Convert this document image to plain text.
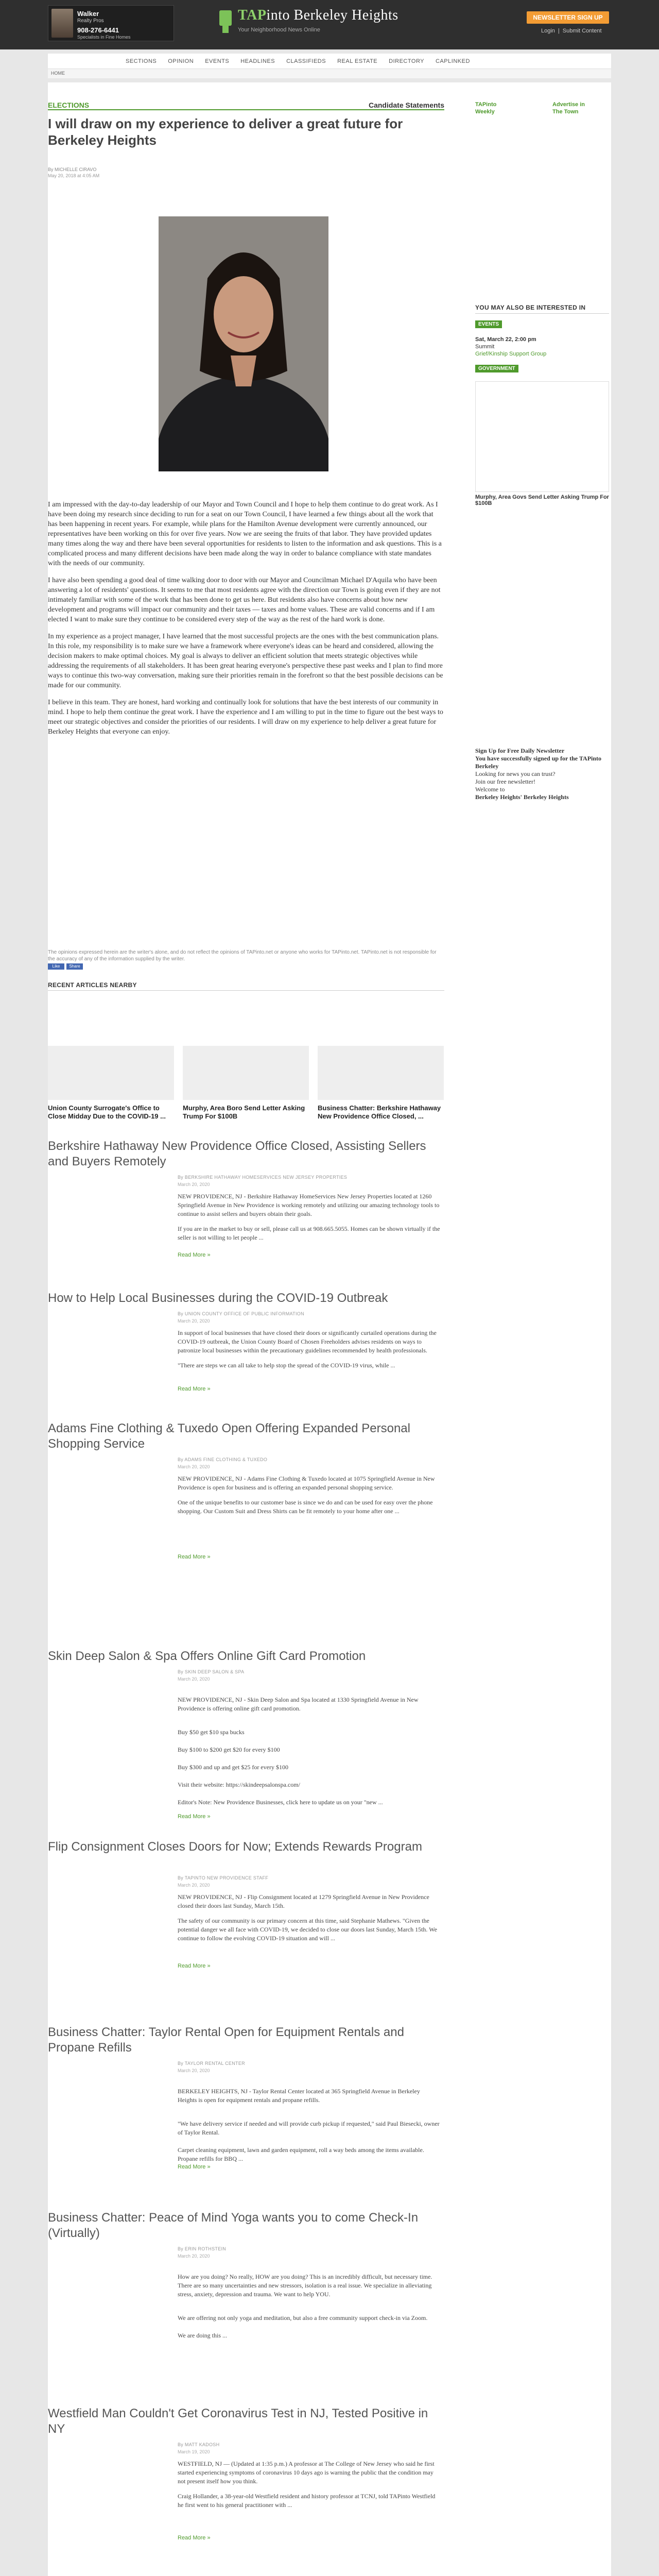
Walker
Realty Pros
908-276-6441
Specialists in Fine Homes
TAPinto Berkeley Heights
Your Neighborhood News Online
NEWSLETTER SIGN UP
Login | Submit Content
SECTIONS	OPINION	EVENTS	HEADLINES	CLASSIFIEDS	REAL ESTATE	DIRECTORY	CAPLINKED
HOME
ELECTIONS	Candidate Statements
I will draw on my experience to deliver a great future for Berkeley Heights
By MICHELLE CIRAVO
May 20, 2018 at 4:05 AM

I am impressed with the day-to-day leadership of our Mayor and Town Council and I hope to help them continue to do great work. As I have been doing my research since deciding to run for a seat on our Town Council, I have learned a few things about all the work that has been happening in recent years. For example, while plans for the Hamilton Avenue development were currently announced, our representatives have been working on this for over five years. Now we are seeing the fruits of that labor. They have provided updates many times along the way and there have been several opportunities for residents to listen to the information and ask questions. This is a complicated process and many different decisions have been made along the way in order to balance compliance with state mandates with the needs of our community.

I have also been spending a good deal of time walking door to door with our Mayor and Councilman Michael D'Aquila who have been answering a lot of residents' questions. It seems to me that most residents agree with the direction our Town is going even if they are not intimately familiar with some of the work that has been done to get us here. But residents also have concerns about how new development and programs will impact our community and their taxes — taxes and home values. These are valid concerns and if I am elected I want to make sure they continue to be considered every step of the way as the rest of the hard work is done.

In my experience as a project manager, I have learned that the most successful projects are the ones with the best communication plans. In this role, my responsibility is to make sure we have a framework where everyone's ideas can be heard and considered, allowing the decision makers to make optimal choices. My goal is always to deliver an efficient solution that meets strategic objectives while addressing the requirements of all stakeholders. It has been great hearing everyone's perspective these past weeks and I plan to find more ways to continue this two-way conversation, making sure their priorities remain in the forefront so that the best possible decisions can be made for our community.

I believe in this team. They are honest, hard working and continually look for solutions that have the best interests of our community in mind. I hope to help them continue the great work. I have the experience and I am willing to put in the time to figure out the best ways to meet our strategic objectives and consider the priorities of our residents. I will draw on my experience to help deliver a great future for Berkeley Heights that everyone can enjoy.

The opinions expressed herein are the writer's alone, and do not reflect the opinions of TAPinto.net or anyone who works for TAPinto.net. TAPinto.net is not responsible for the accuracy of any of the information supplied by the writer.
Like	Share
RECENT ARTICLES NEARBY
Union County Surrogate's Office to Close Midday Due to the COVID-19 ...
Murphy, Area Boro Send Letter Asking Trump For $100B
Business Chatter: Berkshire Hathaway New Providence Office Closed, ...
Berkshire Hathaway New Providence Office Closed, Assisting Sellers and Buyers Remotely
By BERKSHIRE HATHAWAY HOMESERVICES NEW JERSEY PROPERTIES
March 20, 2020

NEW PROVIDENCE, NJ - Berkshire Hathaway HomeServices New Jersey Properties located at 1260 Springfield Avenue in New Providence is working remotely and utilizing our amazing technology tools to continue to assist sellers and buyers obtain their goals.

If you are in the market to buy or sell, please call us at 908.665.5055. Homes can be shown virtually if the seller is not willing to let people ...

Read More »
How to Help Local Businesses during the COVID-19 Outbreak
By UNION COUNTY OFFICE OF PUBLIC INFORMATION
March 20, 2020

In support of local businesses that have closed their doors or significantly curtailed operations during the COVID-19 outbreak, the Union County Board of Chosen Freeholders advises residents on ways to patronize local businesses within the precautionary guidelines recommended by health professionals.

"There are steps we can all take to help stop the spread of the COVID-19 virus, while ...

Read More »
Adams Fine Clothing & Tuxedo Open Offering Expanded Personal Shopping Service
By ADAMS FINE CLOTHING & TUXEDO
March 20, 2020

NEW PROVIDENCE, NJ - Adams Fine Clothing & Tuxedo located at 1075 Springfield Avenue in New Providence is open for business and is offering an expanded personal shopping service.

One of the unique benefits to our customer base is since we do and can be used for easy over the phone shopping. Our Custom Suit and Dress Shirts can be fit remotely to your home after one ...

Read More »
Skin Deep Salon & Spa Offers Online Gift Card Promotion
By SKIN DEEP SALON & SPA
March 20, 2020

NEW PROVIDENCE, NJ - Skin Deep Salon and Spa located at 1330 Springfield Avenue in New Providence is offering online gift card promotion.

Buy $50 get $10 spa bucks

Buy $100 to $200 get $20 for every $100

Buy $300 and up and get $25 for every $100

Visit their website: https://skindeepsalonspa.com/

Editor's Note: New Providence Businesses, click here to update us on your "new ...

Read More »
Flip Consignment Closes Doors for Now; Extends Rewards Program
By TAPINTO NEW PROVIDENCE STAFF
March 20, 2020

NEW PROVIDENCE, NJ - Flip Consignment located at 1279 Springfield Avenue in New Providence closed their doors last Sunday, March 15th.

The safety of our community is our primary concern at this time, said Stephanie Mathews. "Given the potential danger we all face with COVID-19, we decided to close our doors last Sunday, March 15th. We continue to follow the evolving COVID-19 situation and will ...

Read More »
Business Chatter: Taylor Rental Open for Equipment Rentals and Propane Refills
By TAYLOR RENTAL CENTER
March 20, 2020

BERKELEY HEIGHTS, NJ - Taylor Rental Center located at 365 Springfield Avenue in Berkeley Heights is open for equipment rentals and propane refills.

"We have delivery service if needed and will provide curb pickup if requested," said Paul Biesecki, owner of Taylor Rental.

Carpet cleaning equipment, lawn and garden equipment, roll a way beds among the items available. Propane refills for BBQ ...

Read More »
Business Chatter: Peace of Mind Yoga wants you to come Check-In (Virtually)
By ERIN ROTHSTEIN
March 20, 2020

How are you doing? No really, HOW are you doing? This is an incredibly difficult, but necessary time. There are so many uncertainties and new stressors, isolation is a real issue. We specialize in alleviating stress, anxiety, depression and trauma. We want to help YOU.

We are offering not only yoga and meditation, but also a free community support check-in via Zoom.

We are doing this ...

Westfield Man Couldn't Get Coronavirus Test in NJ, Tested Positive in NY
By MATT KADOSH
March 19, 2020

WESTFIELD, NJ — (Updated at 1:35 p.m.) A professor at The College of New Jersey who said he first started experiencing symptoms of coronavirus 10 days ago is warning the public that the condition may not present itself how you think.

Craig Hollander, a 38-year-old Westfield resident and history professor at TCNJ, told TAPinto Westfield he first went to his general practitioner with ...

Read More »

TAPinto
Weekly
Advertise in
The Town
YOU MAY ALSO BE INTERESTED IN
EVENTS
Sat, March 22, 2:00 pm
Summit
Grief/Kinship Support Group
GOVERNMENT
Murphy, Area Govs Send Letter Asking Trump For $100B
Sign Up for Free Daily Newsletter
You have successfully signed up for the TAPinto Berkeley
Looking for news you can trust?
Join our free newsletter!
Welcome to

Berkeley Heights' Berkeley Heights
